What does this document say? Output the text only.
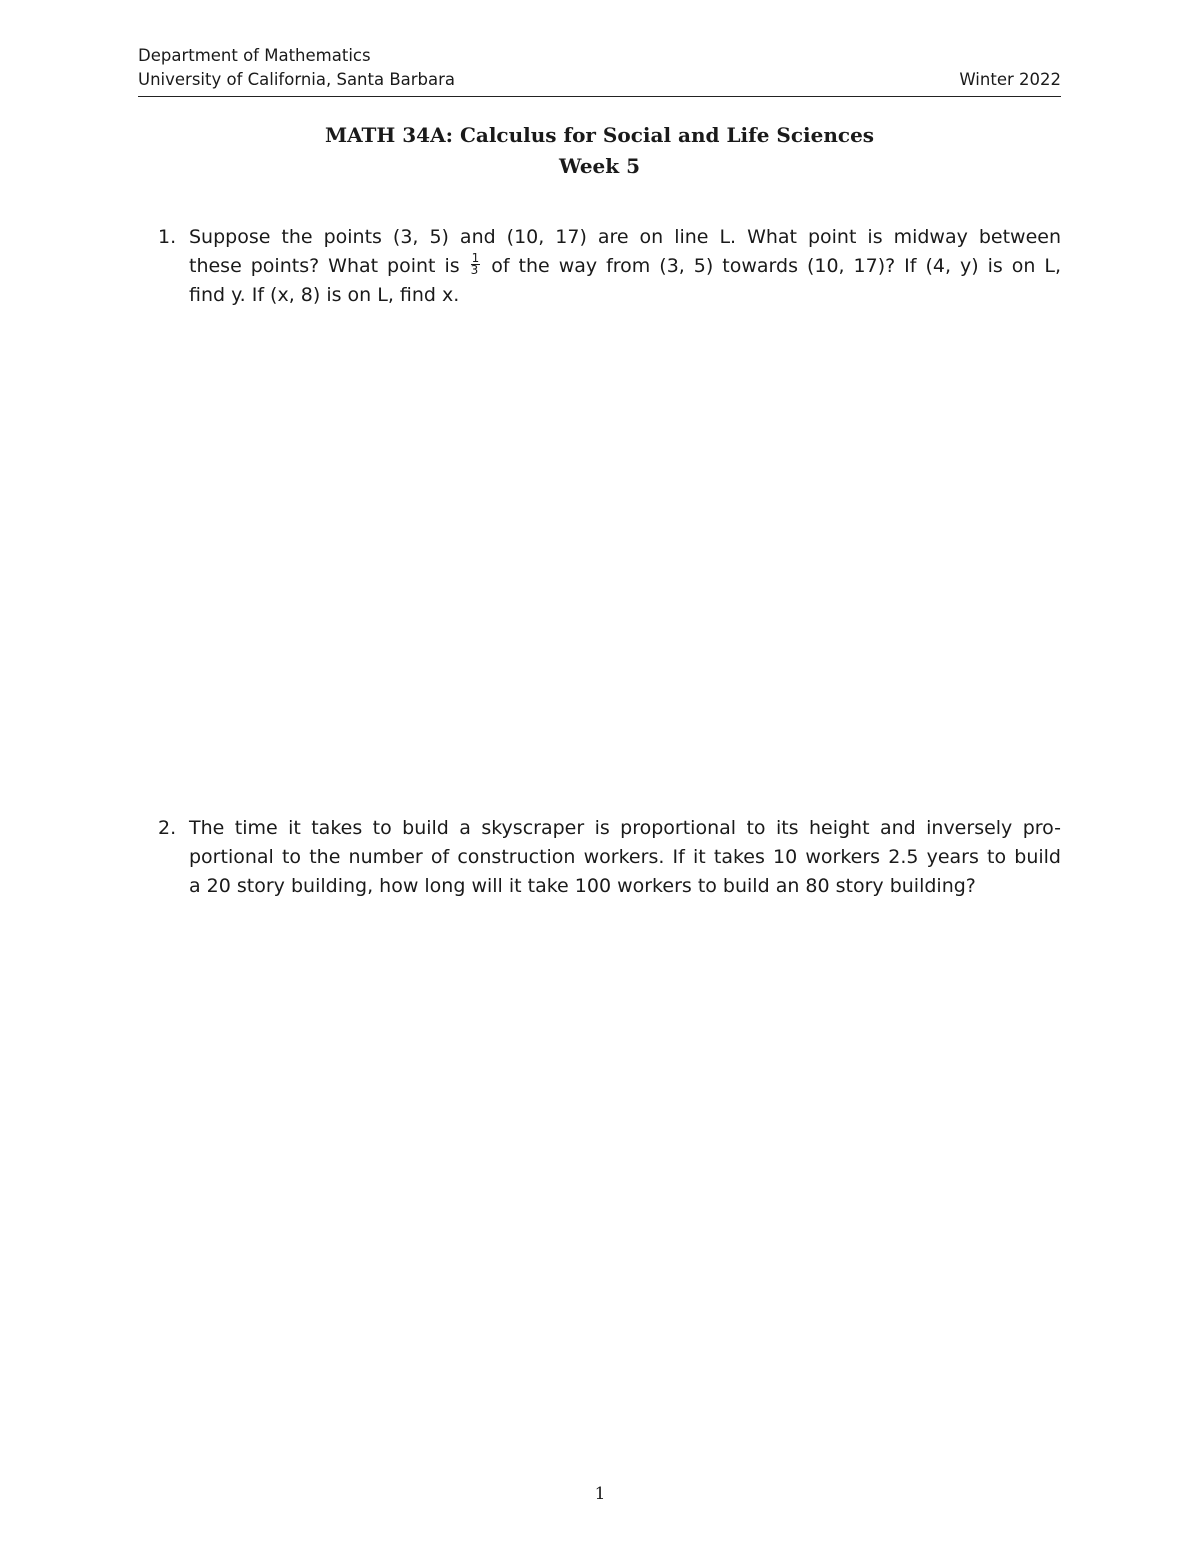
Department of Mathematics
University of California, Santa Barbara	Winter 2022
MATH 34A: Calculus for Social and Life Sciences
Week 5
1. Suppose the points (3, 5) and (10, 17) are on line L. What point is midway between
these points? What point is $\frac{1}{3}$ of the way from (3, 5) towards (10, 17)? If (4, y) is on L,
find y. If (x, 8) is on L, find x.
2. The time it takes to build a skyscraper is proportional to its height and inversely pro-
portional to the number of construction workers. If it takes 10 workers 2.5 years to build
a 20 story building, how long will it take 100 workers to build an 80 story building?
1
